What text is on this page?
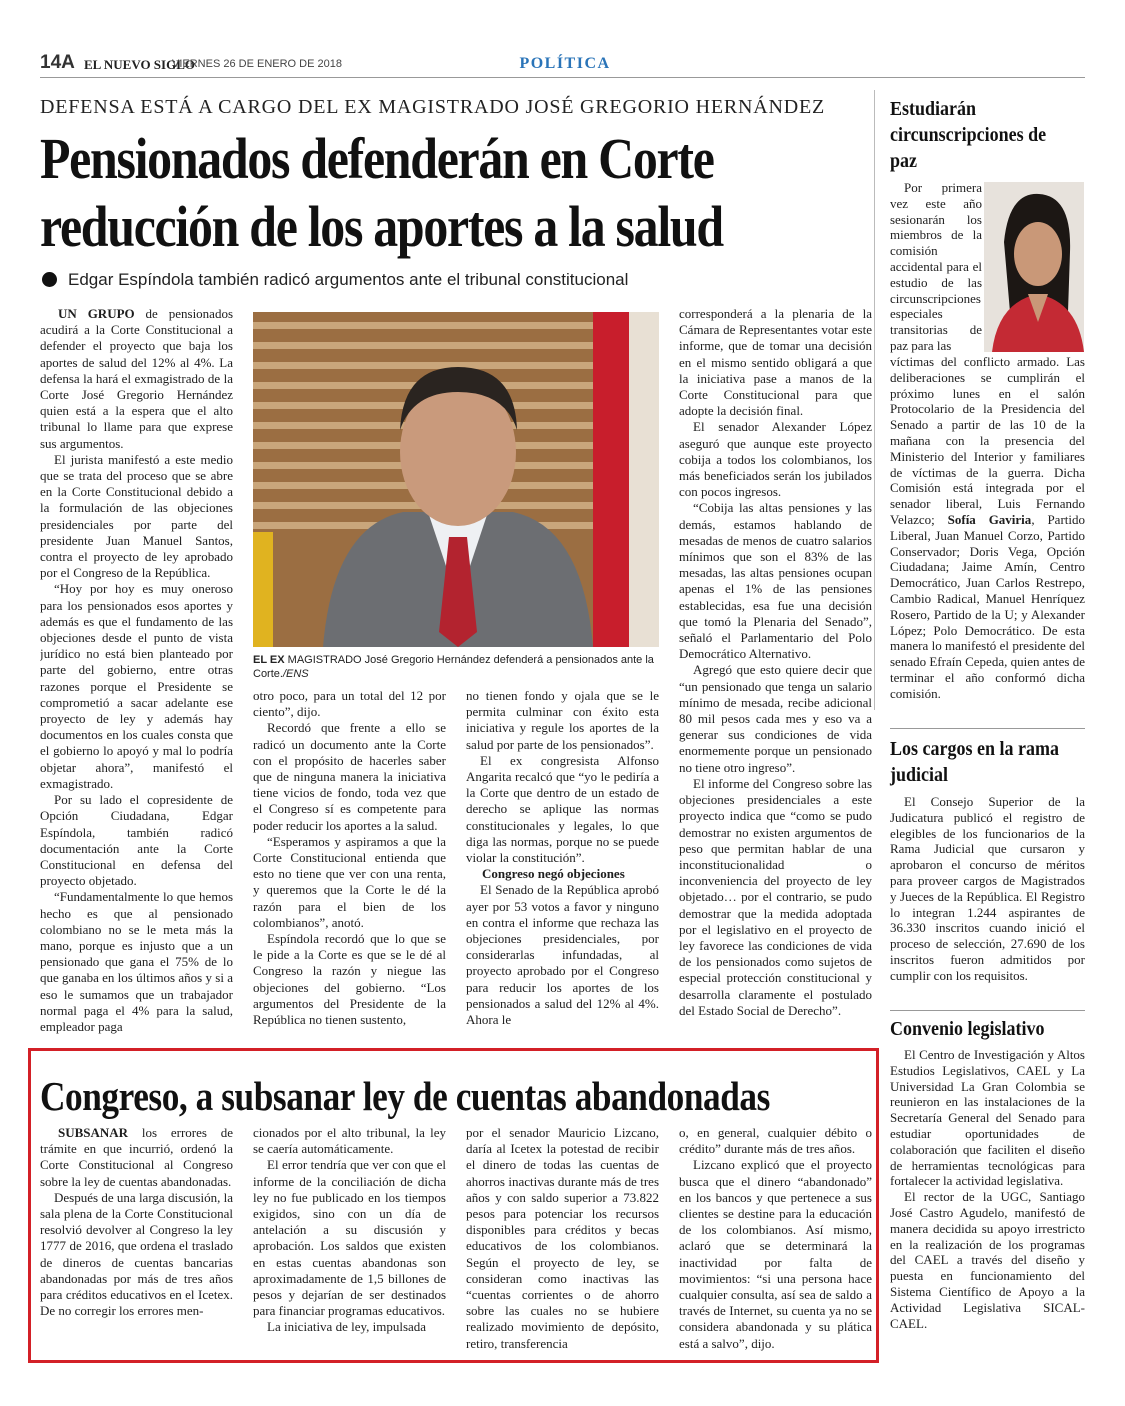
14A EL NUEVO SIGLO
VIERNES 26 DE ENERO DE 2018	POLÍTICA
DEFENSA ESTÁ A CARGO DEL EX MAGISTRADO JOSÉ GREGORIO HERNÁNDEZ
Pensionados defenderán en Corte
reducción de los aportes a la salud
Edgar Espíndola también radicó argumentos ante el tribunal constitucional

UN GRUPO de pensionados acudirá a la Corte Constitucional a defender el proyecto que baja los aportes de salud del 12% al 4%. La defensa la hará el exmagistrado de la Corte José Gregorio Hernández quien está a la espera que el alto tribunal lo llame para que exprese sus argumentos.

El jurista manifestó a este medio que se trata del proceso que se abre en la Corte Constitucional debido a la formulación de las objeciones presidenciales por parte del presidente Juan Manuel Santos, contra el proyecto de ley aprobado por el Congreso de la República.

“Hoy por hoy es muy oneroso para los pensionados esos aportes y además es que el fundamento de las objeciones desde el punto de vista jurídico no está bien planteado por parte del gobierno, entre otras razones porque el Presidente se comprometió a sacar adelante ese proyecto de ley y además hay documentos en los cuales consta que el gobierno lo apoyó y mal lo podría objetar ahora”, manifestó el exmagistrado.

Por su lado el copresidente de Opción Ciudadana, Edgar Espíndola, también radicó documentación ante la Corte Constitucional en defensa del proyecto objetado.

“Fundamentalmente lo que hemos hecho es que al pensionado colombiano no se le meta más la mano, porque es injusto que a un pensionado que gana el 75% de lo que ganaba en los últimos años y si a eso le sumamos que un trabajador normal paga el 4% para la salud, empleador paga

EL EX MAGISTRADO José Gregorio Hernández defenderá a pensionados ante la Corte./ENS

otro poco, para un total del 12 por ciento”, dijo.

Recordó que frente a ello se radicó un documento ante la Corte con el propósito de hacerles saber que de ninguna manera la iniciativa tiene vicios de fondo, toda vez que el Congreso sí es competente para poder reducir los aportes a la salud.

“Esperamos y aspiramos a que la Corte Constitucional entienda que esto no tiene que ver con una renta, y queremos que la Corte le dé la razón para el bien de los colombianos”, anotó.

Espíndola recordó que lo que se le pide a la Corte es que se le dé al Congreso la razón y niegue las objeciones del gobierno. “Los argumentos del Presidente de la República no tienen sustento,

no tienen fondo y ojala que se le permita culminar con éxito esta iniciativa y regule los aportes de la salud por parte de los pensionados”.

El ex congresista Alfonso Angarita recalcó que “yo le pediría a la Corte que dentro de un estado de derecho se aplique las normas constitucionales y legales, lo que diga las normas, porque no se puede violar la constitución”.

Congreso negó objeciones

El Senado de la República aprobó ayer por 53 votos a favor y ninguno en contra el informe que rechaza las objeciones presidenciales, por considerarlas infundadas, al proyecto aprobado por el Congreso para reducir los aportes de los pensionados a salud del 12% al 4%. Ahora le

corresponderá a la plenaria de la Cámara de Representantes votar este informe, que de tomar una decisión en el mismo sentido obligará a que la iniciativa pase a manos de la Corte Constitucional para que adopte la decisión final.

El senador Alexander López aseguró que aunque este proyecto cobija a todos los colombianos, los más beneficiados serán los jubilados con pocos ingresos.

“Cobija las altas pensiones y las demás, estamos hablando de mesadas de menos de cuatro salarios mínimos que son el 83% de las mesadas, las altas pensiones ocupan apenas el 1% de las pensiones establecidas, esa fue una decisión que tomó la Plenaria del Senado”, señaló el Parlamentario del Polo Democrático Alternativo.

Agregó que esto quiere decir que “un pensionado que tenga un salario mínimo de mesada, recibe adicional 80 mil pesos cada mes y eso va a generar sus condiciones de vida enormemente porque un pensionado no tiene otro ingreso”.

El informe del Congreso sobre las objeciones presidenciales a este proyecto indica que “como se pudo demostrar no existen argumentos de peso que permitan hablar de una inconstitucionalidad o inconveniencia del proyecto de ley objetado… por el contrario, se pudo demostrar que la medida adoptada por el legislativo en el proyecto de ley favorece las condiciones de vida de los pensionados como sujetos de especial protección constitucional y desarrolla claramente el postulado del Estado Social de Derecho”.

Estudiarán circunscripciones de paz

Por primera vez este año sesionarán los miembros de la comisión accidental para el estudio de las circunscripciones especiales transitorias de paz para las

víctimas del conflicto armado. Las deliberaciones se cumplirán el próximo lunes en el salón Protocolario de la Presidencia del Senado a partir de las 10 de la mañana con la presencia del Ministerio del Interior y familiares de víctimas de la guerra. Dicha Comisión está integrada por el senador liberal, Luis Fernando Velazco; Sofía Gaviria, Partido Liberal, Juan Manuel Corzo, Partido Conservador; Doris Vega, Opción Ciudadana; Jaime Amín, Centro Democrático, Juan Carlos Restrepo, Cambio Radical, Manuel Henríquez Rosero, Partido de la U; y Alexander López; Polo Democrático. De esta manera lo manifestó el presidente del senado Efraín Cepeda, quien antes de terminar el año conformó dicha comisión.

Los cargos en la rama judicial

El Consejo Superior de la Judicatura publicó el registro de elegibles de los funcionarios de la Rama Judicial que cursaron y aprobaron el concurso de méritos para proveer cargos de Magistrados y Jueces de la República. El Registro lo integran 1.244 aspirantes de 36.330 inscritos cuando inició el proceso de selección, 27.690 de los inscritos fueron admitidos por cumplir con los requisitos.

Convenio legislativo

El Centro de Investigación y Altos Estudios Legislativos, CAEL y La Universidad La Gran Colombia se reunieron en las instalaciones de la Secretaría General del Senado para estudiar oportunidades de colaboración que faciliten el diseño de herramientas tecnológicas para fortalecer la actividad legislativa.

El rector de la UGC, Santiago José Castro Agudelo, manifestó de manera decidida su apoyo irrestricto en la realización de los programas del CAEL a través del diseño y puesta en funcionamiento del Sistema Científico de Apoyo a la Actividad Legislativa SICAL- CAEL.

Congreso, a subsanar ley de cuentas abandonadas

SUBSANAR los errores de trámite en que incurrió, ordenó la Corte Constitucional al Congreso sobre la ley de cuentas abandonadas.

Después de una larga discusión, la sala plena de la Corte Constitucional resolvió devolver al Congreso la ley 1777 de 2016, que ordena el traslado de dineros de cuentas bancarias abandonadas por más de tres años para créditos educativos en el Icetex. De no corregir los errores men-

cionados por el alto tribunal, la ley se caería automáticamente.

El error tendría que ver con que el informe de la conciliación de dicha ley no fue publicado en los tiempos exigidos, sino con un día de antelación a su discusión y aprobación. Los saldos que existen en estas cuentas abandonas son aproximadamente de 1,5 billones de pesos y dejarían de ser destinados para financiar programas educativos.

La iniciativa de ley, impulsada

por el senador Mauricio Lizcano, daría al Icetex la potestad de recibir el dinero de todas las cuentas de ahorros inactivas durante más de tres años y con saldo superior a 73.822 pesos para potenciar los recursos disponibles para créditos y becas educativos de los colombianos. Según el proyecto de ley, se consideran como inactivas las “cuentas corrientes o de ahorro sobre las cuales no se hubiere realizado movimiento de depósito, retiro, transferencia

o, en general, cualquier débito o crédito” durante más de tres años.

Lizcano explicó que el proyecto busca que el dinero “abandonado” en los bancos y que pertenece a sus clientes se destine para la educación de los colombianos. Así mismo, aclaró que se determinará la inactividad por falta de movimientos: “si una persona hace cualquier consulta, así sea de saldo a través de Internet, su cuenta ya no se considera abandonada y su plática está a salvo”, dijo.
